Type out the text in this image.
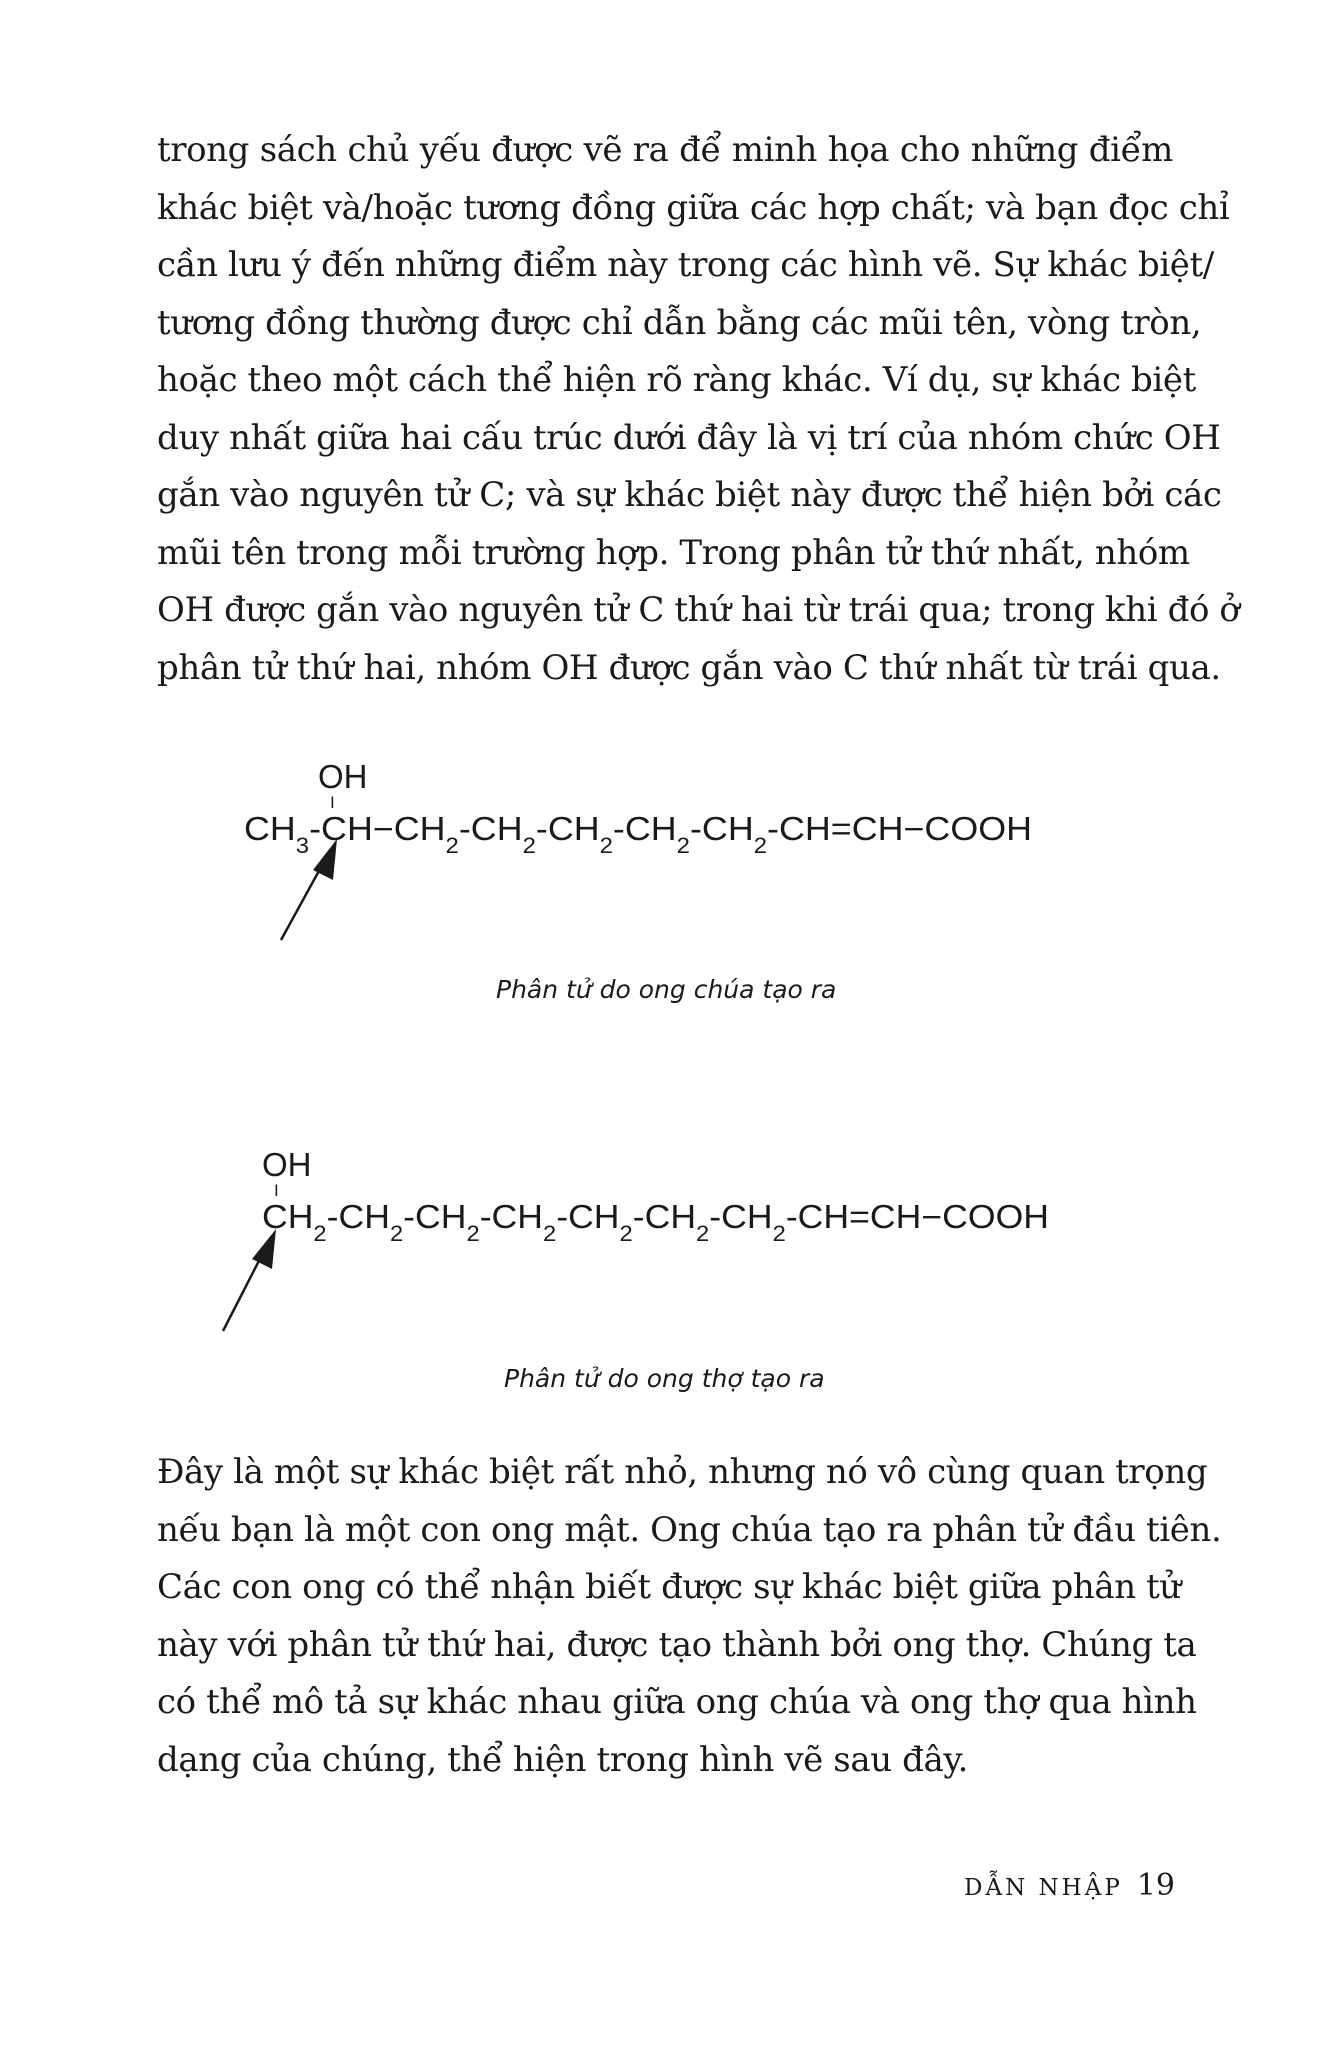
trong sách chủ yếu được vẽ ra để minh họa cho những điểm
khác biệt và/hoặc tương đồng giữa các hợp chất; và bạn đọc chỉ
cần lưu ý đến những điểm này trong các hình vẽ. Sự khác biệt/
tương đồng thường được chỉ dẫn bằng các mũi tên, vòng tròn,
hoặc theo một cách thể hiện rõ ràng khác. Ví dụ, sự khác biệt
duy nhất giữa hai cấu trúc dưới đây là vị trí của nhóm chức OH
gắn vào nguyên tử C; và sự khác biệt này được thể hiện bởi các
mũi tên trong mỗi trường hợp. Trong phân tử thứ nhất, nhóm
OH được gắn vào nguyên tử C thứ hai từ trái qua; trong khi đó ở
phân tử thứ hai, nhóm OH được gắn vào C thứ nhất từ trái qua.
OH
I
$CH_3-CH-CH_2-CH_2-CH_2-CH_2-CH_2-CH=CH-COOH$
Phân tử do ong chúa tạo ra
OH
I
$CH_2-CH_2-CH_2-CH_2-CH_2-CH_2-CH_2-CH=CH-COOH$
Phân tử do ong thợ tạo ra
Đây là một sự khác biệt rất nhỏ, nhưng nó vô cùng quan trọng
nếu bạn là một con ong mật. Ong chúa tạo ra phân tử đầu tiên.
Các con ong có thể nhận biết được sự khác biệt giữa phân tử
này với phân tử thứ hai, được tạo thành bởi ong thợ. Chúng ta
có thể mô tả sự khác nhau giữa ong chúa và ong thợ qua hình
dạng của chúng, thể hiện trong hình vẽ sau đây.
DẪN NHẬP 19
